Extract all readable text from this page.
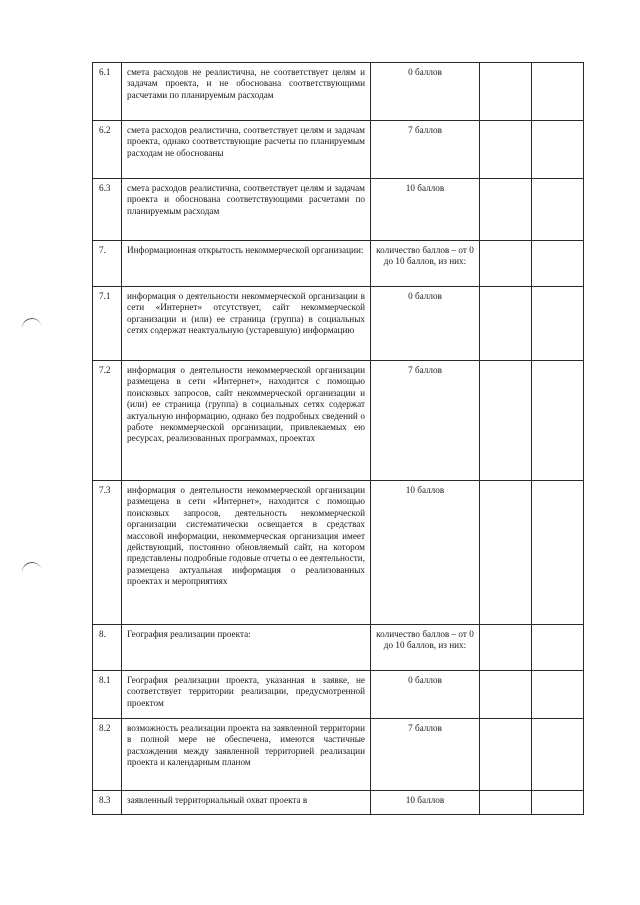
6.1	смета расходов не реалистична, не соответствует целям и задачам проекта, и не обоснована соответствующими расчетами по планируемым расходам	0 баллов		
6.2	смета расходов реалистична, соответствует целям и задачам проекта, однако соответствующие расчеты по планируемым расходам не обоснованы	7 баллов		
6.3	смета расходов реалистична, соответствует целям и задачам проекта и обоснована соответствующими расчетами по планируемым расходам	10 баллов		
7.	Информационная открытость некоммерческой организации:	количество баллов – от 0 до 10 баллов, из них:		
7.1	информация о деятельности некоммерческой организации в сети «Интернет» отсутствует, сайт некоммерческой организации и (или) ее страница (группа) в социальных сетях содержат неактуальную (устаревшую) информацию	0 баллов		
7.2	информация о деятельности некоммерческой организации размещена в сети «Интернет», находится с помощью поисковых запросов, сайт некоммерческой организации и (или) ее страница (группа) в социальных сетях содержат актуальную информацию, однако без подробных сведений о работе некоммерческой организации, привлекаемых ею ресурсах, реализованных программах, проектах	7 баллов		
7.3	информация о деятельности некоммерческой организации размещена в сети «Интернет», находится с помощью поисковых запросов, деятельность некоммерческой организации систематически освещается в средствах массовой информации, некоммерческая организация имеет действующий, постоянно обновляемый сайт, на котором представлены подробные годовые отчеты о ее деятельности, размещена актуальная информация о реализованных проектах и мероприятиях	10 баллов		
8.	География реализации проекта:	количество баллов – от 0 до 10 баллов, из них:		
8.1	География реализации проекта, указанная в заявке, не соответствует территории реализации, предусмотренной проектом	0 баллов		
8.2	возможность реализации проекта на заявленной территории в полной мере не обеспечена, имеются частичные расхождения между заявленной территорией реализации проекта и календарным планом	7 баллов		
8.3	заявленный территориальный охват проекта в	10 баллов		
